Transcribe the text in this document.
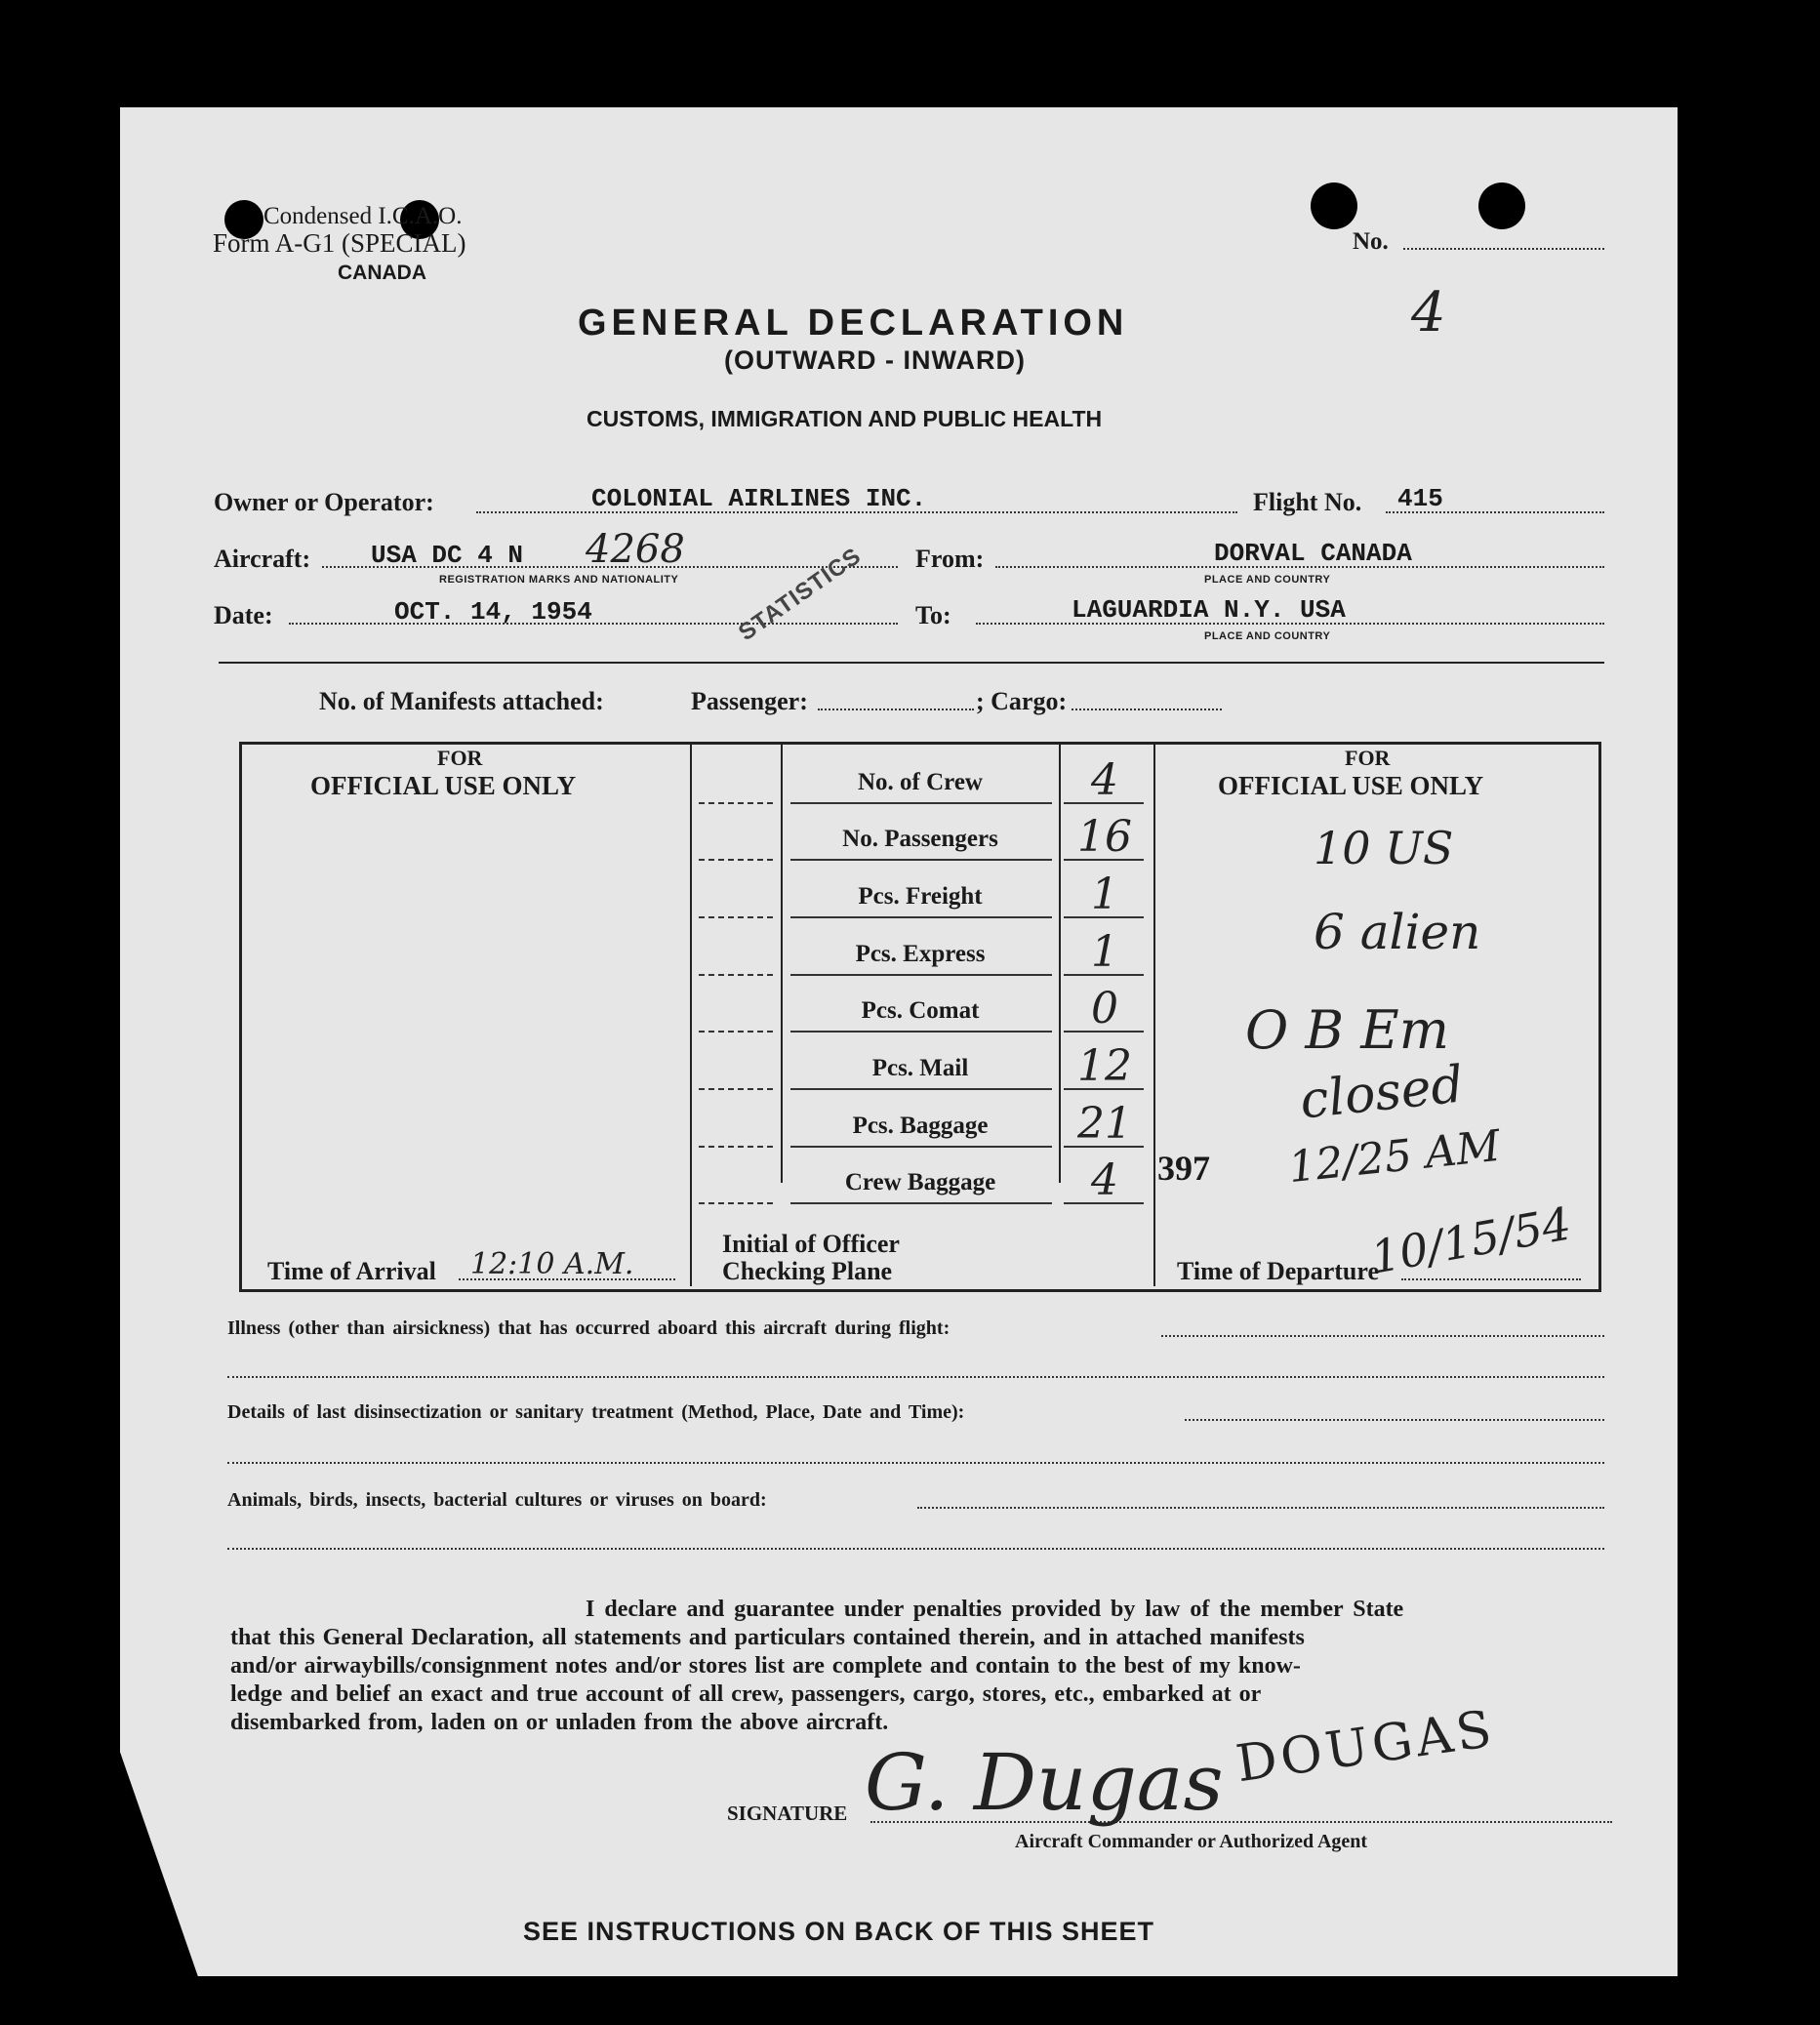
Condensed I.C.A.O.
Form A-G1 (SPECIAL)
CANADA
No.
4
GENERAL DECLARATION
(OUTWARD - INWARD)
CUSTOMS, IMMIGRATION AND PUBLIC HEALTH
Owner or Operator:	COLONIAL AIRLINES INC.	Flight No. 415
Aircraft: USA DC 4 N 4268
REGISTRATION MARKS AND NATIONALITY
From:	DORVAL CANADA
PLACE AND COUNTRY
Date:	OCT. 14, 1954	STATISTICS To:	LAGUARDIA N.Y. USA
PLACE AND COUNTRY
No. of Manifests attached:	Passenger:	; Cargo:
FOR
OFFICIAL USE ONLY
FOR
OFFICIAL USE ONLY
No. of Crew	4
No. Passengers	16
Pcs. Freight	1
Pcs. Express	1
Pcs. Comat	0
Pcs. Mail	12
Pcs. Baggage	21
Crew Baggage	4
Time of Arrival 12:10 A.M.
Initial of Officer
Checking Plane	Time of Departure
10/15/54
397
10 US
6 alien
O B Em
closed
12/25 AM
Illness (other than airsickness) that has occurred aboard this aircraft during flight:
Details of last disinsectization or sanitary treatment (Method, Place, Date and Time):
Animals, birds, insects, bacterial cultures or viruses on board:
I declare and guarantee under penalties provided by law of the member State
that this General Declaration, all statements and particulars contained therein, and in attached manifests
and/or airwaybills/consignment notes and/or stores list are complete and contain to the best of my know-
ledge and belief an exact and true account of all crew, passengers, cargo, stores, etc., embarked at or
disembarked from, laden on or unladen from the above aircraft.
SIGNATURE G. Dugas DOUGAS
Aircraft Commander or Authorized Agent
SEE INSTRUCTIONS ON BACK OF THIS SHEET
